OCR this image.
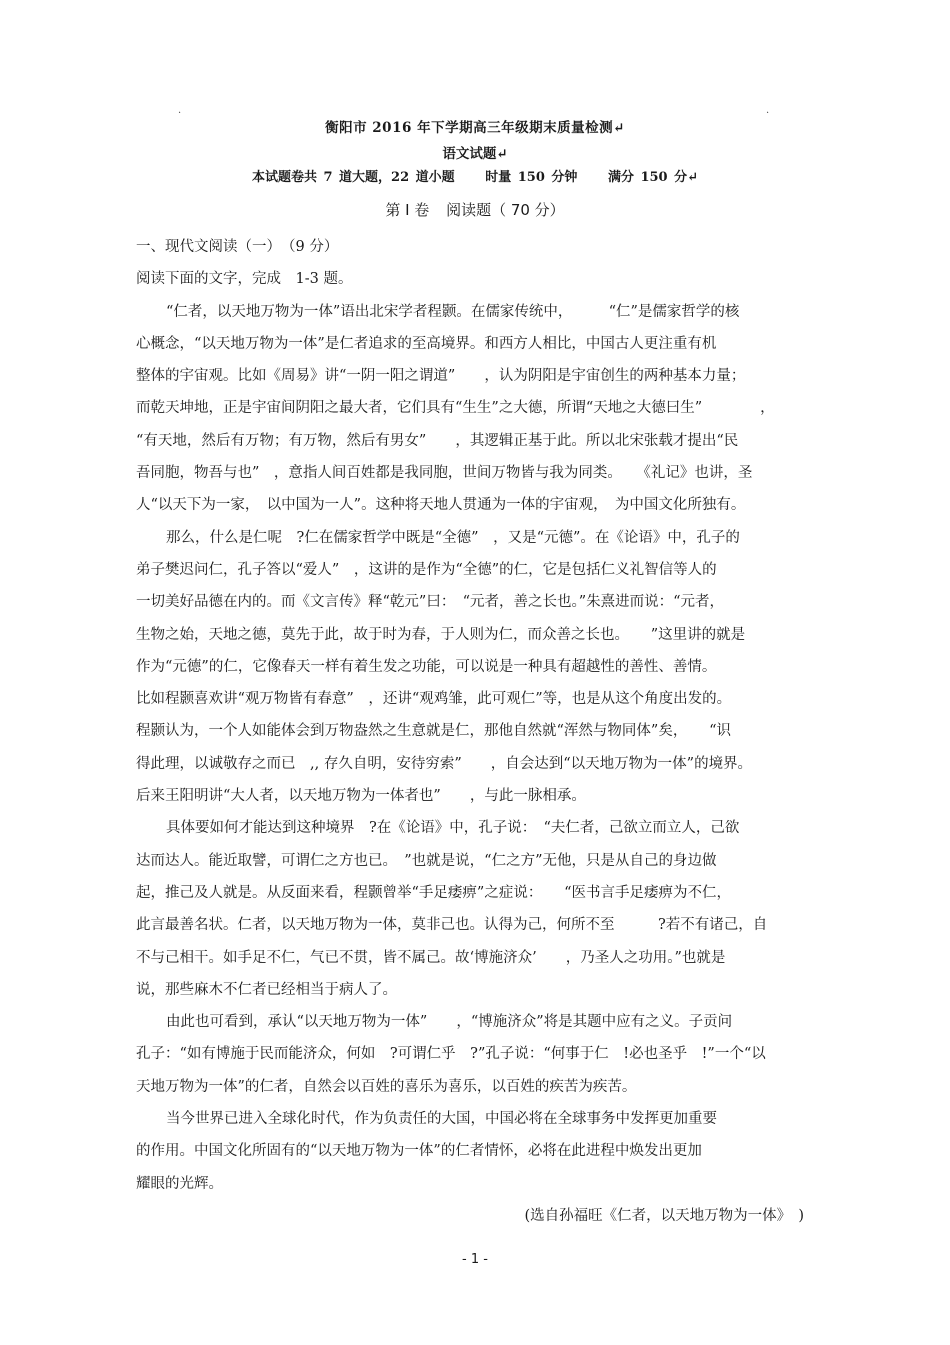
·	·
衡阳市 2016 年下学期高三年级期末质量检测↵
语文试题↵
本试题卷共 7 道大题，22 道小题 时量 150 分钟 满分 150 分↵
第 Ⅰ 卷 阅读题（ 70 分）
一、现代文阅读（一）　（9 分）
阅读下面的文字，完成　1-3 题。
“仁者，以天地万物为一体”语出北宋学者程颢。在儒家传统中，　　　“仁”是儒家哲学的核
心概念，“以天地万物为一体”是仁者追求的至高境界。和西方人相比，中国古人更注重有机
整体的宇宙观。比如《周易》讲“一阴一阳之谓道”　　，认为阴阳是宇宙创生的两种基本力量；
而乾天坤地，正是宇宙间阴阳之最大者，它们具有“生生”之大德，所谓“天地之大德曰生”　　　　，
“有天地，然后有万物；有万物，然后有男女”　　，其逻辑正基于此。所以北宋张载才提出“民
吾同胞，物吾与也”　，意指人间百姓都是我同胞，世间万物皆与我为同类。　　《礼记》也讲，圣
人“以天下为一家，　以中国为一人”。这种将天地人贯通为一体的宇宙观，　为中国文化所独有。
那么，什么是仁呢　?仁在儒家哲学中既是“全德”　，又是“元德”。在《论语》中，孔子的
弟子樊迟问仁，孔子答以“爱人”　，这讲的是作为“全德”的仁，它是包括仁义礼智信等人的
一切美好品德在内的。而《文言传》释“乾元”曰：　“元者，善之长也。”朱熹进而说：“元者，
生物之始，天地之德，莫先于此，故于时为春，于人则为仁，而众善之长也。　　”这里讲的就是
作为“元德”的仁，它像春天一样有着生发之功能，可以说是一种具有超越性的善性、善情。
比如程颢喜欢讲“观万物皆有春意”　，还讲“观鸡雏，此可观仁”等，也是从这个角度出发的。
程颢认为，一个人如能体会到万物盎然之生意就是仁，那他自然就“浑然与物同体”矣，　　“识
得此理，以诚敬存之而已　,, 存久自明，安待穷索”　　，自会达到“以天地万物为一体”的境界。
后来王阳明讲“大人者，以天地万物为一体者也”　　，与此一脉相承。
具体要如何才能达到这种境界　?在《论语》中，孔子说：　“夫仁者，己欲立而立人，己欲
达而达人。能近取譬，可谓仁之方也已。　”也就是说，“仁之方”无他，只是从自己的身边做
起，推己及人就是。从反面来看，程颢曾举“手足痿痹”之症说：　　“医书言手足痿痹为不仁，
此言最善名状。仁者，以天地万物为一体，莫非己也。认得为己，何所不至　　　?若不有诸己，自
不与己相干。如手足不仁，气已不贯，皆不属己。故‘博施济众’　　，乃圣人之功用。”也就是
说，那些麻木不仁者已经相当于病人了。
由此也可看到，承认“以天地万物为一体”　　，“博施济众”将是其题中应有之义。子贡问
孔子：“如有博施于民而能济众，何如　?可谓仁乎　?”孔子说：“何事于仁　!必也圣乎　!”一个“以
天地万物为一体”的仁者，自然会以百姓的喜乐为喜乐，以百姓的疾苦为疾苦。
当今世界已进入全球化时代，作为负责任的大国，中国必将在全球事务中发挥更加重要
的作用。中国文化所固有的“以天地万物为一体”的仁者情怀，必将在此进程中焕发出更加
耀眼的光辉。
(选自孙福旺《仁者，以天地万物为一体》　)
- 1 -
